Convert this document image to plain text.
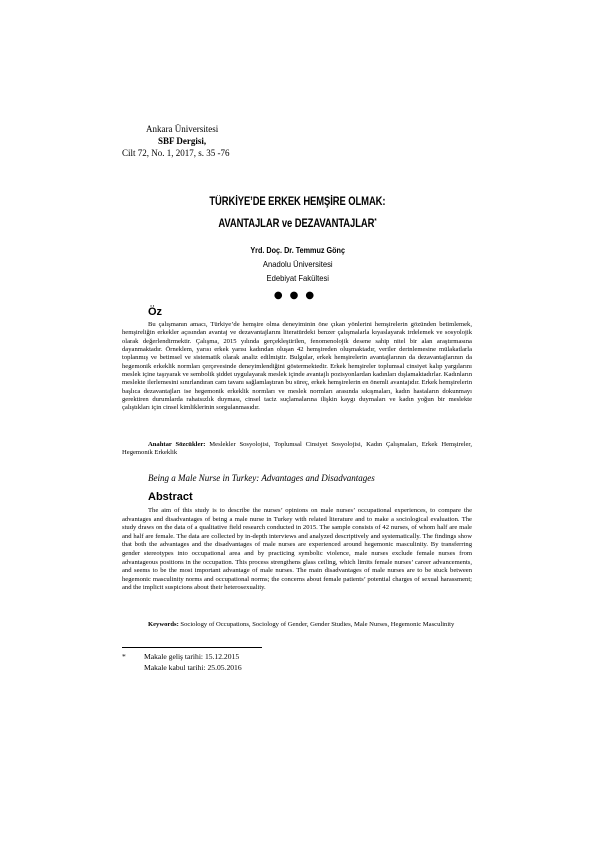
Ankara Üniversitesi
SBF Dergisi,
Cilt 72, No. 1, 2017, s. 35 -76
TÜRKİYE’DE ERKEK HEMŞİRE OLMAK:
AVANTAJLAR ve DEZAVANTAJLAR*
Yrd. Doç. Dr. Temmuz Gönç
Anadolu Üniversitesi
Edebiyat Fakültesi
●●●
Öz
Bu çalışmanın amacı, Türkiye’de hemşire olma deneyiminin öne çıkan yönlerini hemşirelerin gözünden betimlemek, hemşireliğin erkekler açısından avantaj ve dezavantajlarını literatürdeki benzer çalışmalarla kıyaslayarak irdelemek ve sosyolojik olarak değerlendirmektir. Çalışma, 2015 yılında gerçekleştirilen, fenomenolojik desene sahip nitel bir alan araştırmasına dayanmaktadır. Örneklem, yarısı erkek yarısı kadından oluşan 42 hemşireden oluşmaktadır, veriler derinlemesine mülakatlarla toplanmış ve betimsel ve sistematik olarak analiz edilmiştir. Bulgular, erkek hemşirelerin avantajlarının da dezavantajlarının da hegemonik erkeklik normları çerçevesinde deneyimlendiğini göstermektedir. Erkek hemşireler toplumsal cinsiyet kalıp yargılarını meslek içine taşıyarak ve sembolik şiddet uygulayarak meslek içinde avantajlı pozisyonlardan kadınları dışlamaktadırlar. Kadınların meslekte ilerlemesini sınırlandıran cam tavanı sağlamlaştıran bu süreç, erkek hemşirelerin en önemli avantajıdır. Erkek hemşirelerin başlıca dezavantajları ise hegemonik erkeklik normları ve meslek normları arasında sıkışmaları, kadın hastaların dokunmayı gerektiren durumlarda rahatsızlık duyması, cinsel taciz suçlamalarına ilişkin kaygı duymaları ve kadın yoğun bir meslekte çalıştıkları için cinsel kimliklerinin sorgulanmasıdır.
Anahtar Sözcükler: Meslekler Sosyolojisi, Toplumsal Cinsiyet Sosyolojisi, Kadın Çalışmaları, Erkek Hemşireler, Hegemonik Erkeklik
Being a Male Nurse in Turkey: Advantages and Disadvantages
Abstract
The aim of this study is to describe the nurses’ opinions on male nurses’ occupational experiences, to compare the advantages and disadvantages of being a male nurse in Turkey with related literature and to make a sociological evaluation. The study draws on the data of a qualitative field research conducted in 2015. The sample consists of 42 nurses, of whom half are male and half are female. The data are collected by in-depth interviews and analyzed descriptively and systematically. The findings show that both the advantages and the disadvantages of male nurses are experienced around hegemonic masculinity. By transferring gender stereotypes into occupational area and by practicing symbolic violence, male nurses exclude female nurses from advantageous positions in the occupation. This process strengthens glass ceiling, which limits female nurses’ career advancements, and seems to be the most important advantage of male nurses. The main disadvantages of male nurses are to be stuck between hegemonic masculinity norms and occupational norms; the concerns about female patients’ potential charges of sexual harassment; and the implicit suspicions about their heterosexuality.
Keywords: Sociology of Occupations, Sociology of Gender, Gender Studies, Male Nurses, Hegemonic Masculinity
*	Makale geliş tarihi: 15.12.2015
Makale kabul tarihi: 25.05.2016
